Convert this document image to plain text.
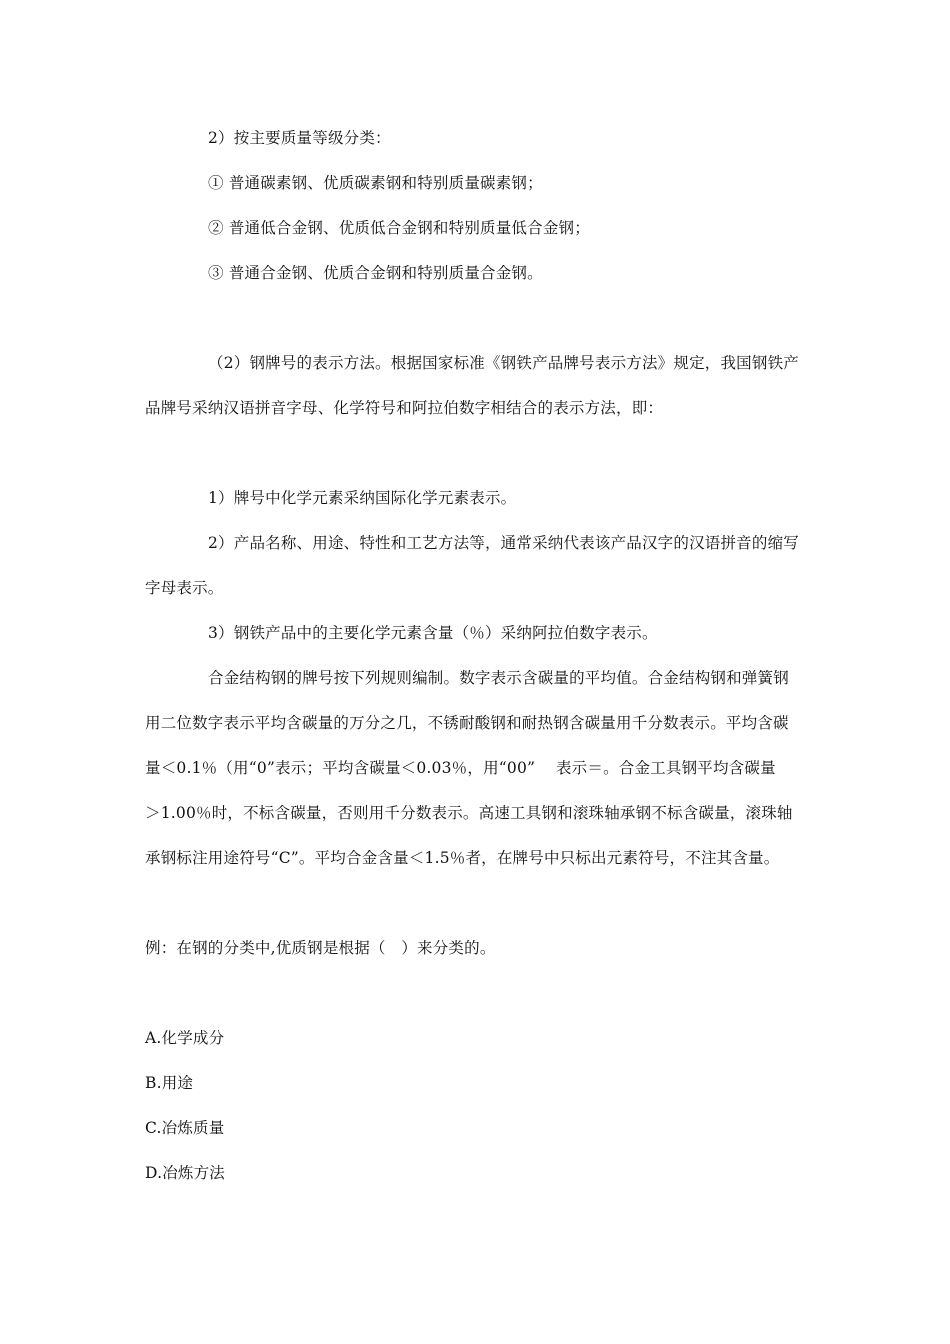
2）按主要质量等级分类：
① 普通碳素钢、优质碳素钢和特别质量碳素钢；
② 普通低合金钢、优质低合金钢和特别质量低合金钢；
③ 普通合金钢、优质合金钢和特别质量合金钢。
（2）钢牌号的表示方法。根据国家标准《钢铁产品牌号表示方法》规定，我国钢铁产
品牌号采纳汉语拼音字母、化学符号和阿拉伯数字相结合的表示方法，即：
1）牌号中化学元素采纳国际化学元素表示。
2）产品名称、用途、特性和工艺方法等，通常采纳代表该产品汉字的汉语拼音的缩写
字母表示。
3）钢铁产品中的主要化学元素含量（％）采纳阿拉伯数字表示。
合金结构钢的牌号按下列规则编制。数字表示含碳量的平均值。合金结构钢和弹簧钢
用二位数字表示平均含碳量的万分之几，不锈耐酸钢和耐热钢含碳量用千分数表示。平均含碳
量＜0.1％（用“0”表示；平均含碳量＜0.03％，用“00”　 表示＝。合金工具钢平均含碳量
＞1.00％时，不标含碳量，否则用千分数表示。高速工具钢和滚珠轴承钢不标含碳量，滚珠轴
承钢标注用途符号“C”。平均合金含量＜1.5％者，在牌号中只标出元素符号，不注其含量。
例：在钢的分类中,优质钢是根据（　）来分类的。
A.化学成分
B.用途
C.冶炼质量
D.冶炼方法
